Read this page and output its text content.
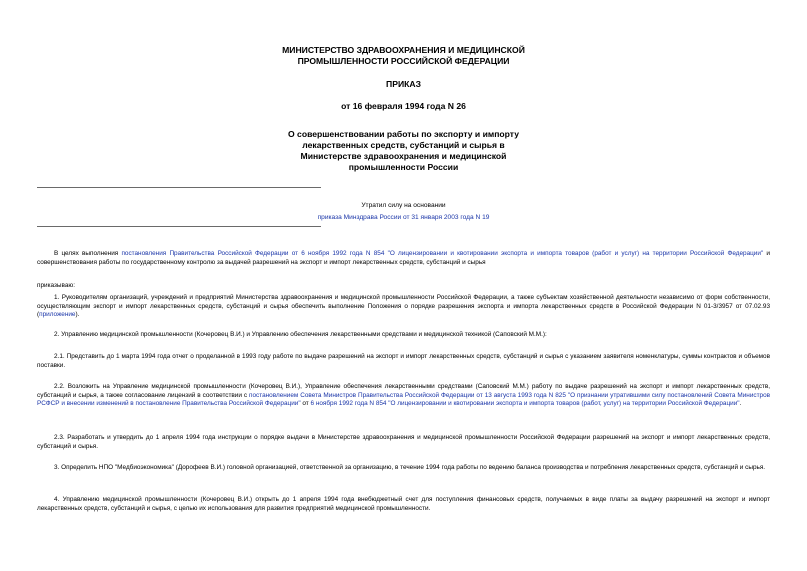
МИНИСТЕРСТВО ЗДРАВООХРАНЕНИЯ И МЕДИЦИНСКОЙ
ПРОМЫШЛЕННОСТИ РОССИЙСКОЙ ФЕДЕРАЦИИ
ПРИКАЗ
от 16 февраля 1994 года N 26
О совершенствовании работы по экспорту и импорту
лекарственных средств, субстанций и сырья в
Министерстве здравоохранения и медицинской
промышленности России
Утратил силу на основании
приказа Минздрава России от 31 января 2003 года N 19
В целях выполнения постановления Правительства Российской Федерации от 6 ноября 1992 года N 854 "О лицензировании и квотировании экспорта и импорта товаров (работ и услуг) на территории Российской Федерации" и совершенствования работы по государственному контролю за выдачей разрешений на экспорт и импорт лекарственных средств, субстанций и сырья
приказываю:
1. Руководителям организаций, учреждений и предприятий Министерства здравоохранения и медицинской промышленности Российской Федерации, а также субъектам хозяйственной деятельности независимо от форм собственности, осуществляющим экспорт и импорт лекарственных средств, субстанций и сырья обеспечить выполнение Положения о порядке разрешения экспорта и импорта лекарственных средств в Российской Федерации N 01-3/3957 от 07.02.93 (приложение).
2. Управлению медицинской промышленности (Кочеровец В.И.) и Управлению обеспечения лекарственными средствами и медицинской техникой (Саповский М.М.):
2.1. Представить до 1 марта 1994 года отчет о проделанной в 1993 году работе по выдаче разрешений на экспорт и импорт лекарственных средств, субстанций и сырья с указанием заявителя номенклатуры, суммы контрактов и объемов поставки.
2.2. Возложить на Управление медицинской промышленности (Кочеровец В.И.), Управление обеспечения лекарственными средствами (Саповский М.М.) работу по выдаче разрешений на экспорт и импорт лекарственных средств, субстанций и сырья, а также согласование лицензий в соответствии с постановлением Совета Министров Правительства Российской Федерации от 13 августа 1993 года N 825 "О признании утратившими силу постановлений Совета Министров РСФСР и внесении изменений в постановление Правительства Российской Федерации" от 6 ноября 1992 года N 854 "О лицензировании и квотировании экспорта и импорта товаров (работ, услуг) на территории Российской Федерации".
2.3. Разработать и утвердить до 1 апреля 1994 года инструкции о порядке выдачи в Министерстве здравоохранения и медицинской промышленности Российской Федерации разрешений на экспорт и импорт лекарственных средств, субстанций и сырья.
3. Определить НПО "Медбиоэкономика" (Дорофеев В.И.) головной организацией, ответственной за организацию, в течение 1994 года работы по ведению баланса производства и потребления лекарственных средств, субстанций и сырья.
4. Управлению медицинской промышленности (Кочеровец В.И.) открыть до 1 апреля 1994 года внебюджетный счет для поступления финансовых средств, получаемых в виде платы за выдачу разрешений на экспорт и импорт лекарственных средств, субстанций и сырья, с целью их использования для развития предприятий медицинской промышленности.
